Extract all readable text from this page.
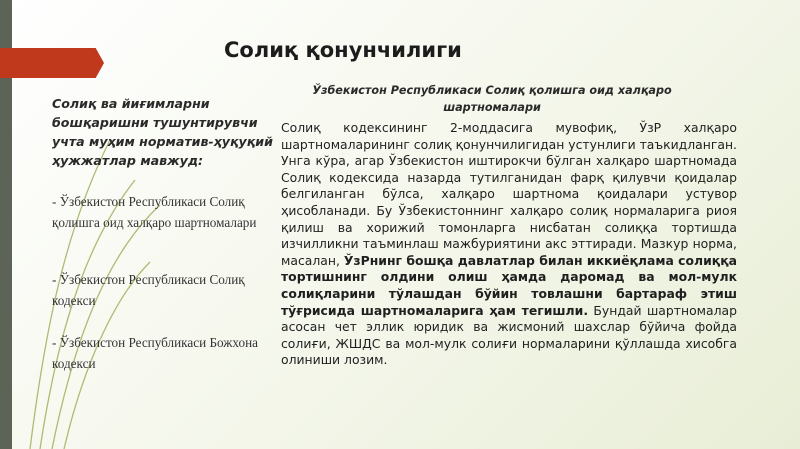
Солиқ қонунчилиги

Солиқ ва йиғимларни бошқаришни тушунтирувчи учта муҳим норматив-ҳуқуқий ҳужжатлар мавжуд:

- Ўзбекистон Республикаси Солиқ қолишга оид халқаро шартномалари

- Ўзбекистон Республикаси Солиқ кодекси

- Ўзбекистон Республикаси Божхона кодекси

Ўзбекистон Республикаси Солиқ қолишга оид халқаро шартномалари

Солиқ кодексининг 2-моддасига мувофиқ, ЎзР халқаро шартномаларининг солиқ қонунчилигидан устунлиги таъкидланган. Унга кўра, агар Ўзбекистон иштирокчи бўлган халқаро шартномада Солиқ кодексида назарда тутилганидан фарқ қилувчи қоидалар белгиланган бўлса, халқаро шартнома қоидалари устувор ҳисобланади. Бу Ўзбекистоннинг халқаро солиқ нормаларига риоя қилиш ва хорижий томонларга нисбатан солиққа тортишда изчилликни таъминлаш мажбуриятини акс эттиради. Мазкур норма, масалан, ЎзРнинг бошқа давлатлар билан иккиёқлама солиққа тортишнинг олдини олиш ҳамда даромад ва мол-мулк солиқларини тўлашдан бўйин товлашни бартараф этиш тўғрисида шартномаларига ҳам тегишли. Бундай шартномалар асосан чет эллик юридик ва жисмоний шахслар бўйича фойда солиғи, ЖШДС ва мол-мулк солиғи нормаларини қўллашда хисобга олиниши лозим.
